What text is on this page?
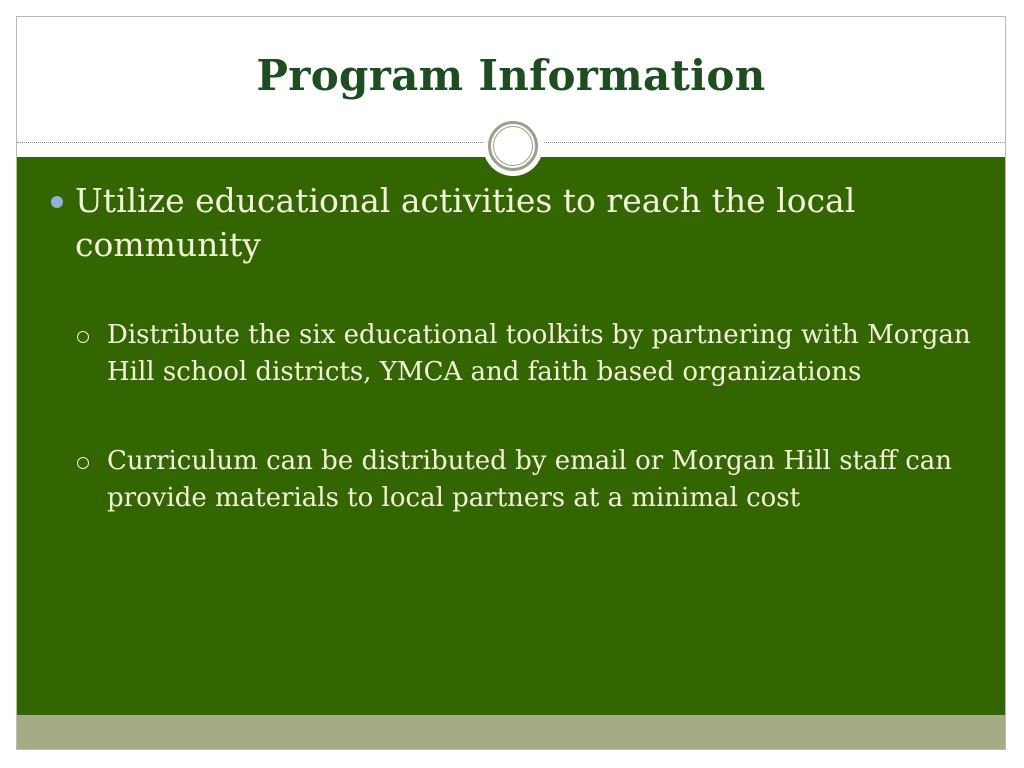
Program Information

Utilize educational activities to reach the local community

Distribute the six educational toolkits by partnering with Morgan Hill school districts, YMCA and faith based organizations

Curriculum can be distributed by email or Morgan Hill staff can provide materials to local partners at a minimal cost
